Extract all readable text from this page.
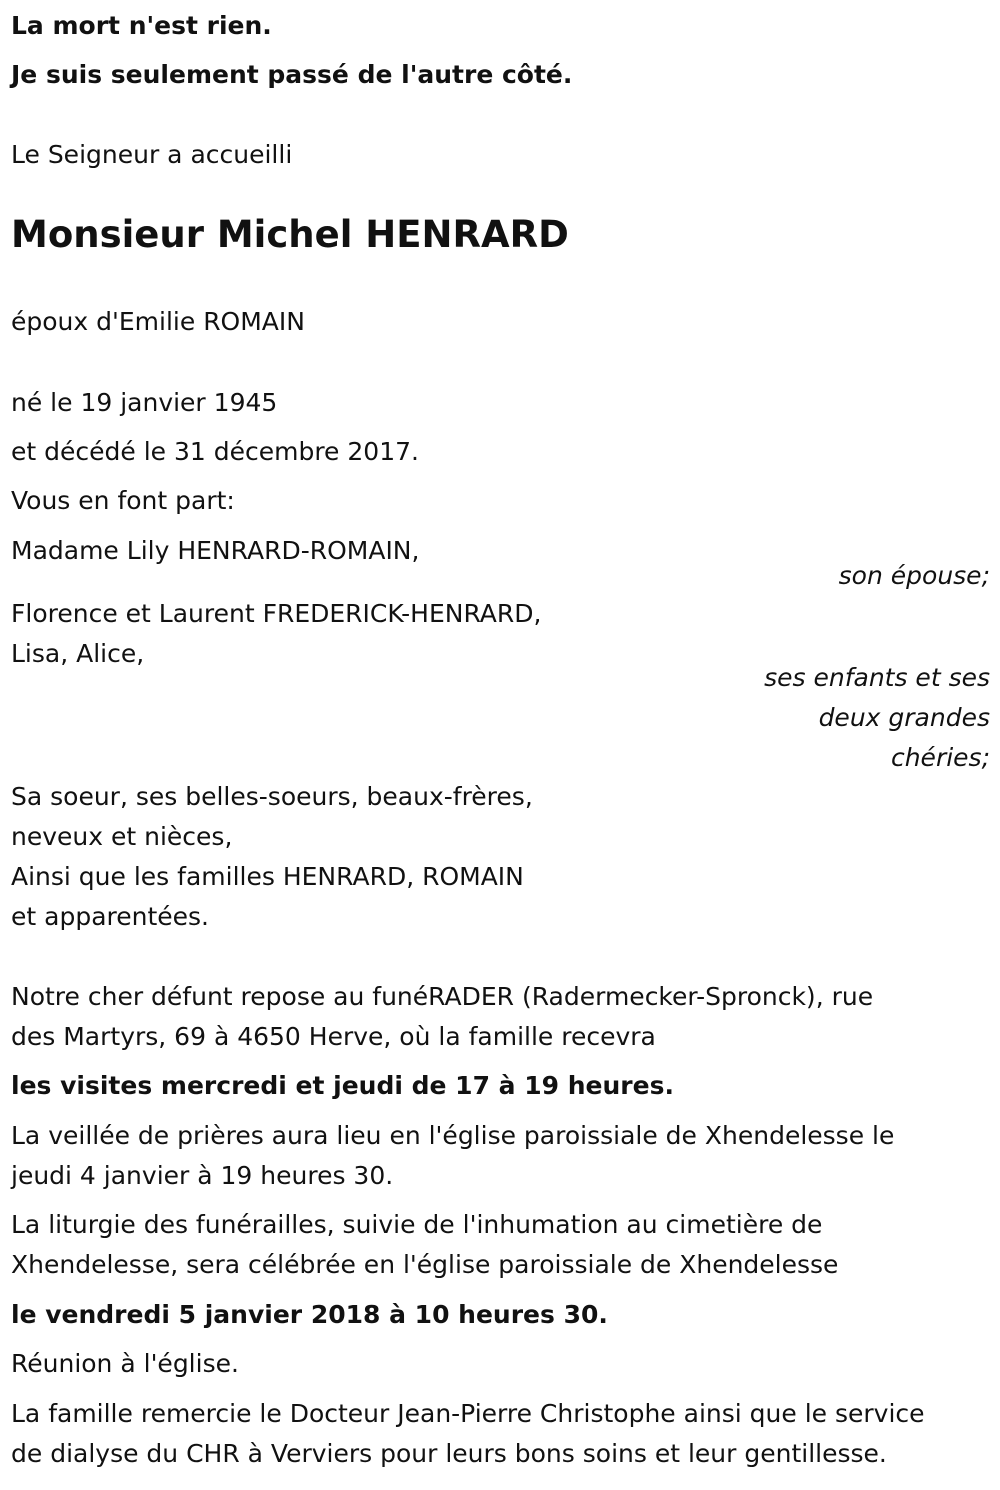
La mort n'est rien.
Je suis seulement passé de l'autre côté.
Le Seigneur a accueilli
Monsieur Michel HENRARD
époux d'Emilie ROMAIN
né le 19 janvier 1945
et décédé le 31 décembre 2017.
Vous en font part:
Madame Lily HENRARD-ROMAIN,
son épouse;
Florence et Laurent FREDERICK-HENRARD,
Lisa, Alice,
ses enfants et ses
deux grandes
chéries;
Sa soeur, ses belles-soeurs, beaux-frères,
neveux et nièces,
Ainsi que les familles HENRARD, ROMAIN
et apparentées.
Notre cher défunt repose au funéRADER (Radermecker-Spronck), rue
des Martyrs, 69 à 4650 Herve, où la famille recevra
les visites mercredi et jeudi de 17 à 19 heures.
La veillée de prières aura lieu en l'église paroissiale de Xhendelesse le
jeudi 4 janvier à 19 heures 30.
La liturgie des funérailles, suivie de l'inhumation au cimetière de
Xhendelesse, sera célébrée en l'église paroissiale de Xhendelesse
le vendredi 5 janvier 2018 à 10 heures 30.
Réunion à l'église.
La famille remercie le Docteur Jean-Pierre Christophe ainsi que le service
de dialyse du CHR à Verviers pour leurs bons soins et leur gentillesse.
